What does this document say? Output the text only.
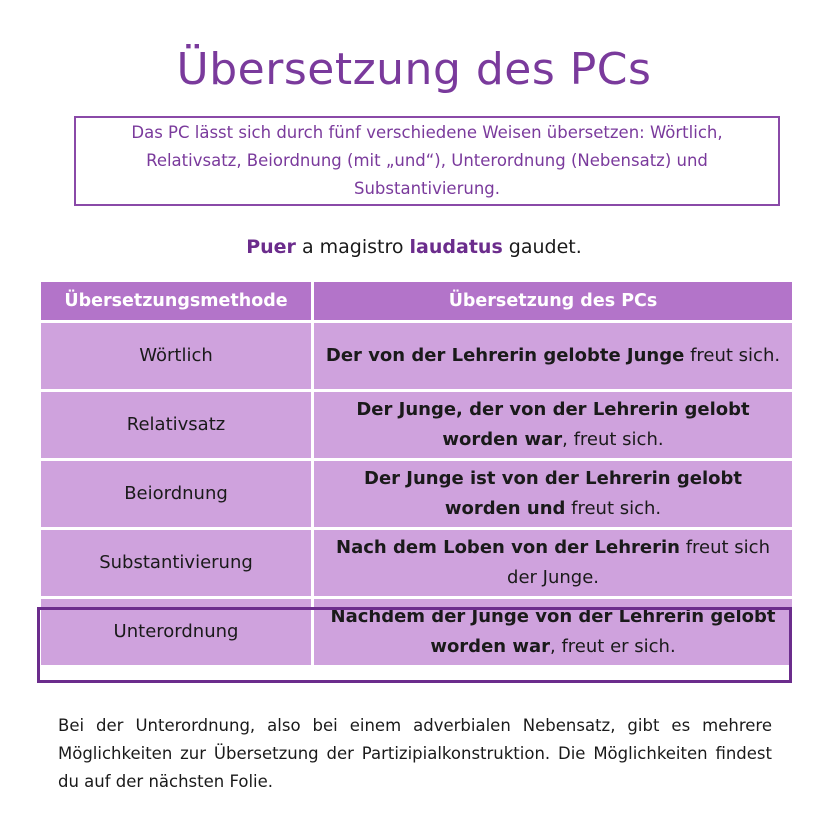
Übersetzung des PCs
Das PC lässt sich durch fünf verschiedene Weisen übersetzen: Wörtlich, Relativsatz, Beiordnung (mit „und“), Unterordnung (Nebensatz) und Substantivierung.
Puer a magistro laudatus gaudet.
Übersetzungsmethode	Übersetzung des PCs
Wörtlich	Der von der Lehrerin gelobte Junge freut sich.
Relativsatz	Der Junge, der von der Lehrerin gelobt worden war, freut sich.
Beiordnung	Der Junge ist von der Lehrerin gelobt worden und freut sich.
Substantivierung	Nach dem Loben von der Lehrerin freut sich der Junge.
Unterordnung	Nachdem der Junge von der Lehrerin gelobt worden war, freut er sich.

Bei der Unterordnung, also bei einem adverbialen Nebensatz, gibt es mehrere Möglichkeiten zur Übersetzung der Partizipialkonstruktion. Die Möglichkeiten findest du auf der nächsten Folie.
